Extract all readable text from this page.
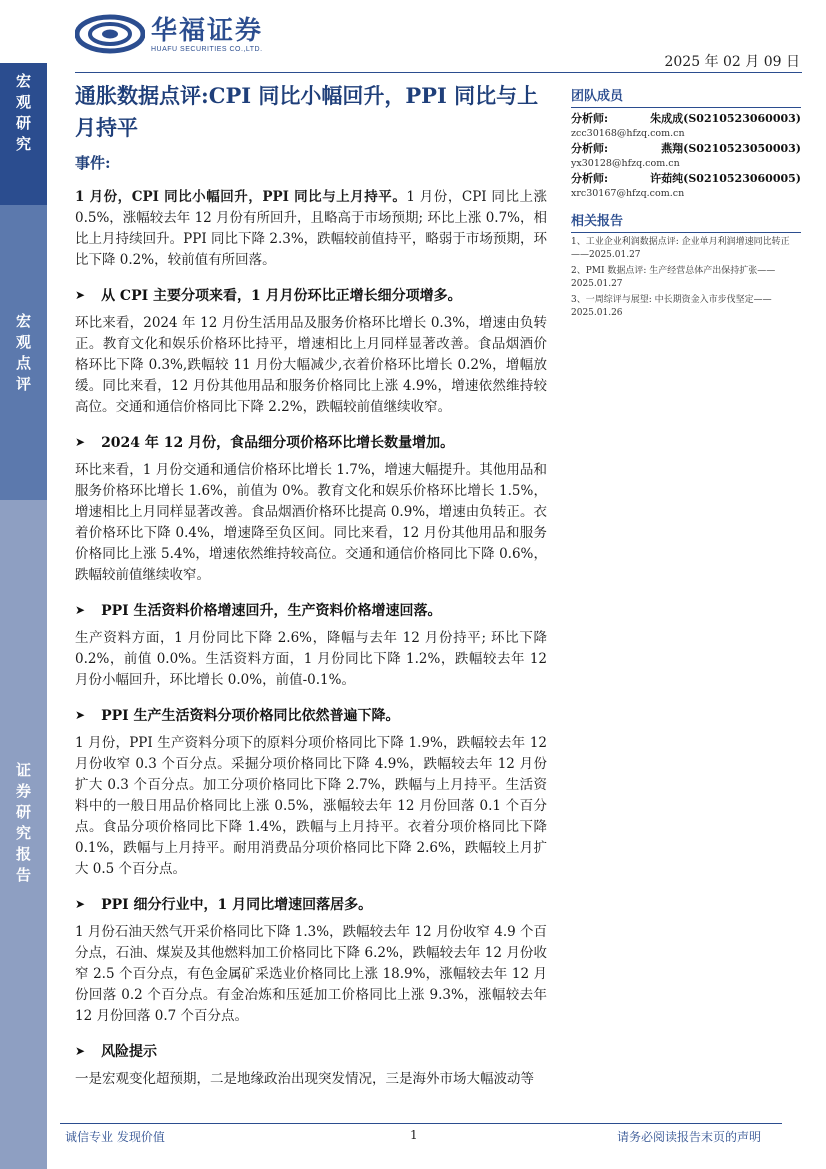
宏观研究
宏观点评
证券研究报告
华福证券
HUAFU SECURITIES CO.,LTD.
2025 年 02 月 09 日
通胀数据点评:CPI 同比小幅回升，PPI 同比与上月持平
事件:
1 月份，CPI 同比小幅回升，PPI 同比与上月持平。1 月份，CPI 同比上涨 0.5%，涨幅较去年 12 月份有所回升，且略高于市场预期; 环比上涨 0.7%，相比上月持续回升。PPI 同比下降 2.3%，跌幅较前值持平，略弱于市场预期，环比下降 0.2%，较前值有所回落。
➤ 从 CPI 主要分项来看，1 月月份环比正增长细分项增多。
环比来看，2024 年 12 月份生活用品及服务价格环比增长 0.3%，增速由负转正。教育文化和娱乐价格环比持平，增速相比上月同样显著改善。食品烟酒价格环比下降 0.3%,跌幅较 11 月份大幅减少,衣着价格环比增长 0.2%，增幅放缓。同比来看，12 月份其他用品和服务价格同比上涨 4.9%，增速依然维持较高位。交通和通信价格同比下降 2.2%，跌幅较前值继续收窄。
➤ 2024 年 12 月份，食品细分项价格环比增长数量增加。
环比来看，1 月份交通和通信价格环比增长 1.7%，增速大幅提升。其他用品和服务价格环比增长 1.6%，前值为 0%。教育文化和娱乐价格环比增长 1.5%，增速相比上月同样显著改善。食品烟酒价格环比提高 0.9%，增速由负转正。衣着价格环比下降 0.4%，增速降至负区间。同比来看，12 月份其他用品和服务价格同比上涨 5.4%，增速依然维持较高位。交通和通信价格同比下降 0.6%，跌幅较前值继续收窄。
➤ PPI 生活资料价格增速回升，生产资料价格增速回落。
生产资料方面，1 月份同比下降 2.6%，降幅与去年 12 月份持平; 环比下降 0.2%，前值 0.0%。生活资料方面，1 月份同比下降 1.2%，跌幅较去年 12 月份小幅回升，环比增长 0.0%，前值-0.1%。
➤ PPI 生产生活资料分项价格同比依然普遍下降。
1 月份，PPI 生产资料分项下的原料分项价格同比下降 1.9%，跌幅较去年 12 月份收窄 0.3 个百分点。采掘分项价格同比下降 4.9%，跌幅较去年 12 月份扩大 0.3 个百分点。加工分项价格同比下降 2.7%，跌幅与上月持平。生活资料中的一般日用品价格同比上涨 0.5%，涨幅较去年 12 月份回落 0.1 个百分点。食品分项价格同比下降 1.4%，跌幅与上月持平。衣着分项价格同比下降 0.1%，跌幅与上月持平。耐用消费品分项价格同比下降 2.6%，跌幅较上月扩大 0.5 个百分点。
➤ PPI 细分行业中，1 月同比增速回落居多。
1 月份石油天然气开采价格同比下降 1.3%，跌幅较去年 12 月份收窄 4.9 个百分点，石油、煤炭及其他燃料加工价格同比下降 6.2%，跌幅较去年 12 月份收窄 2.5 个百分点，有色金属矿采选业价格同比上涨 18.9%，涨幅较去年 12 月份回落 0.2 个百分点。有金冶炼和压延加工价格同比上涨 9.3%，涨幅较去年 12 月份回落 0.7 个百分点。
➤ 风险提示
一是宏观变化超预期，二是地缘政治出现突发情况，三是海外市场大幅波动等
团队成员
分析师:	朱成成(S0210523060003)
zcc30168@hfzq.com.cn
分析师:	燕翔(S0210523050003)
yx30128@hfzq.com.cn
分析师:	许茹纯(S0210523060005)
xrc30167@hfzq.com.cn
相关报告
1、工业企业利润数据点评: 企业单月利润增速同比转正——2025.01.27
2、PMI 数据点评: 生产经营总体产出保持扩张——2025.01.27
3、一周综评与展望: 中长期资金入市步伐坚定——2025.01.26
诚信专业 发现价值	1	请务必阅读报告末页的声明
